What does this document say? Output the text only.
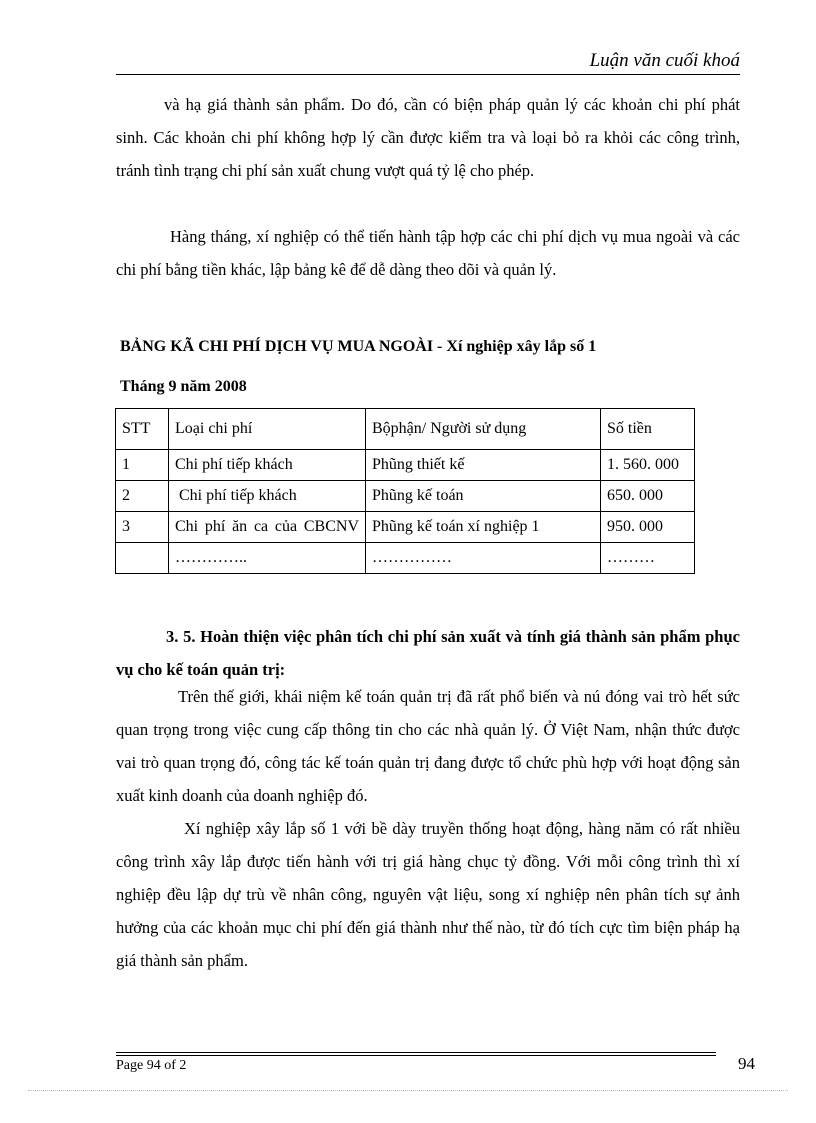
Luận văn cuối khoá

và hạ giá thành sản phẩm. Do đó, cần có biện pháp quản lý các khoản chi phí phát sinh. Các khoản chi phí không hợp lý cần được kiểm tra và loại bỏ ra khỏi các công trình, tránh tình trạng chi phí sản xuất chung vượt quá tỷ lệ cho phép.

Hàng tháng, xí nghiệp có thể tiến hành tập hợp các chi phí dịch vụ mua ngoài và các chi phí bằng tiền khác, lập bảng kê để dễ dàng theo dõi và quản lý.

BẢNG KÃ CHI PHÍ DỊCH VỤ MUA NGOÀI - Xí nghiệp xây lắp số 1
Tháng 9 năm 2008
STT	Loại chi phí	Bộphận/ Người sử dụng	Số tiền
1	Chi phí tiếp khách	Phũng thiết kế	1. 560. 000
2	Chi phí tiếp khách	Phũng kế toán	650. 000
3	Chi phí ăn ca của CBCNV	Phũng kế toán xí nghiệp 1	950. 000
	…………..	……………	………

3. 5. Hoàn thiện việc phân tích chi phí sản xuất và tính giá thành sản phẩm phục vụ cho kế toán quản trị:

Trên thế giới, khái niệm kế toán quản trị đã rất phổ biến và nú đóng vai trò hết sức quan trọng trong việc cung cấp thông tin cho các nhà quản lý. Ở Việt Nam, nhận thức được vai trò quan trọng đó, công tác kế toán quản trị đang được tổ chức phù hợp với hoạt động sản xuất kinh doanh của doanh nghiệp đó.

Xí nghiệp xây lắp số 1 với bề dày truyền thống hoạt động, hàng năm có rất nhiều công trình xây lắp được tiến hành với trị giá hàng chục tỷ đồng. Với mỗi công trình thì xí nghiệp đều lập dự trù về nhân công, nguyên vật liệu, song xí nghiệp nên phân tích sự ảnh hưởng của các khoản mục chi phí đến giá thành như thế nào, từ đó tích cực tìm biện pháp hạ giá thành sản phẩm.

Page 94 of 2	94
